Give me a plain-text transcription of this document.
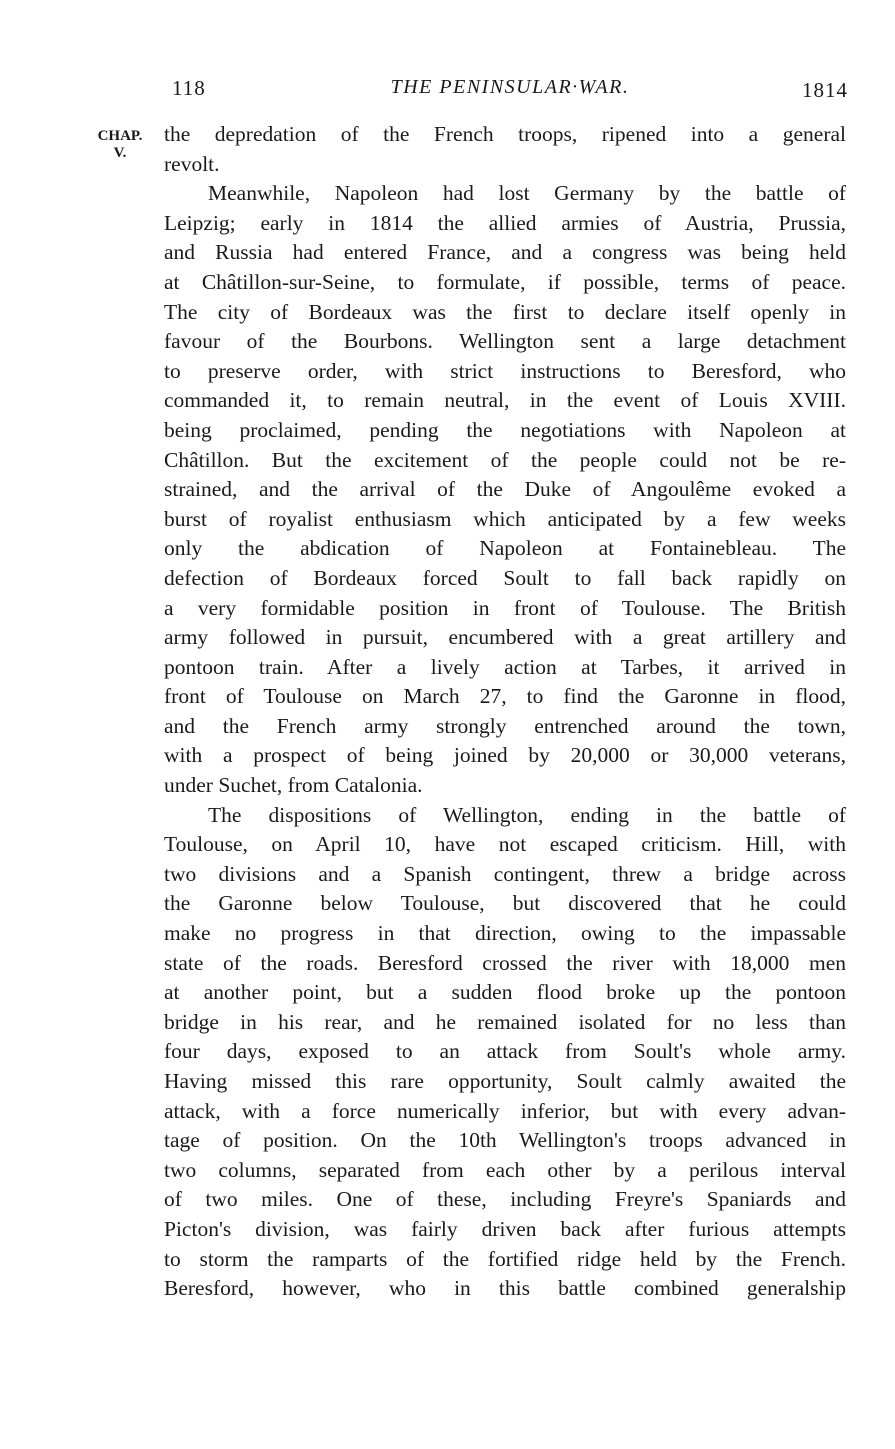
118	THE PENINSULAR·WAR.	1814
CHAP.
V.
the depredation of the French troops, ripened into a general
revolt.
Meanwhile, Napoleon had lost Germany by the battle of
Leipzig; early in 1814 the allied armies of Austria, Prussia,
and Russia had entered France, and a congress was being held
at Châtillon-sur-Seine, to formulate, if possible, terms of peace.
The city of Bordeaux was the first to declare itself openly in
favour of the Bourbons. Wellington sent a large detachment
to preserve order, with strict instructions to Beresford, who
commanded it, to remain neutral, in the event of Louis XVIII.
being proclaimed, pending the negotiations with Napoleon at
Châtillon. But the excitement of the people could not be re-
strained, and the arrival of the Duke of Angoulême evoked a
burst of royalist enthusiasm which anticipated by a few weeks
only the abdication of Napoleon at Fontainebleau. The
defection of Bordeaux forced Soult to fall back rapidly on
a very formidable position in front of Toulouse. The British
army followed in pursuit, encumbered with a great artillery and
pontoon train. After a lively action at Tarbes, it arrived in
front of Toulouse on March 27, to find the Garonne in flood,
and the French army strongly entrenched around the town,
with a prospect of being joined by 20,000 or 30,000 veterans,
under Suchet, from Catalonia.
The dispositions of Wellington, ending in the battle of
Toulouse, on April 10, have not escaped criticism. Hill, with
two divisions and a Spanish contingent, threw a bridge across
the Garonne below Toulouse, but discovered that he could
make no progress in that direction, owing to the impassable
state of the roads. Beresford crossed the river with 18,000 men
at another point, but a sudden flood broke up the pontoon
bridge in his rear, and he remained isolated for no less than
four days, exposed to an attack from Soult's whole army.
Having missed this rare opportunity, Soult calmly awaited the
attack, with a force numerically inferior, but with every advan-
tage of position. On the 10th Wellington's troops advanced in
two columns, separated from each other by a perilous interval
of two miles. One of these, including Freyre's Spaniards and
Picton's division, was fairly driven back after furious attempts
to storm the ramparts of the fortified ridge held by the French.
Beresford, however, who in this battle combined generalship
